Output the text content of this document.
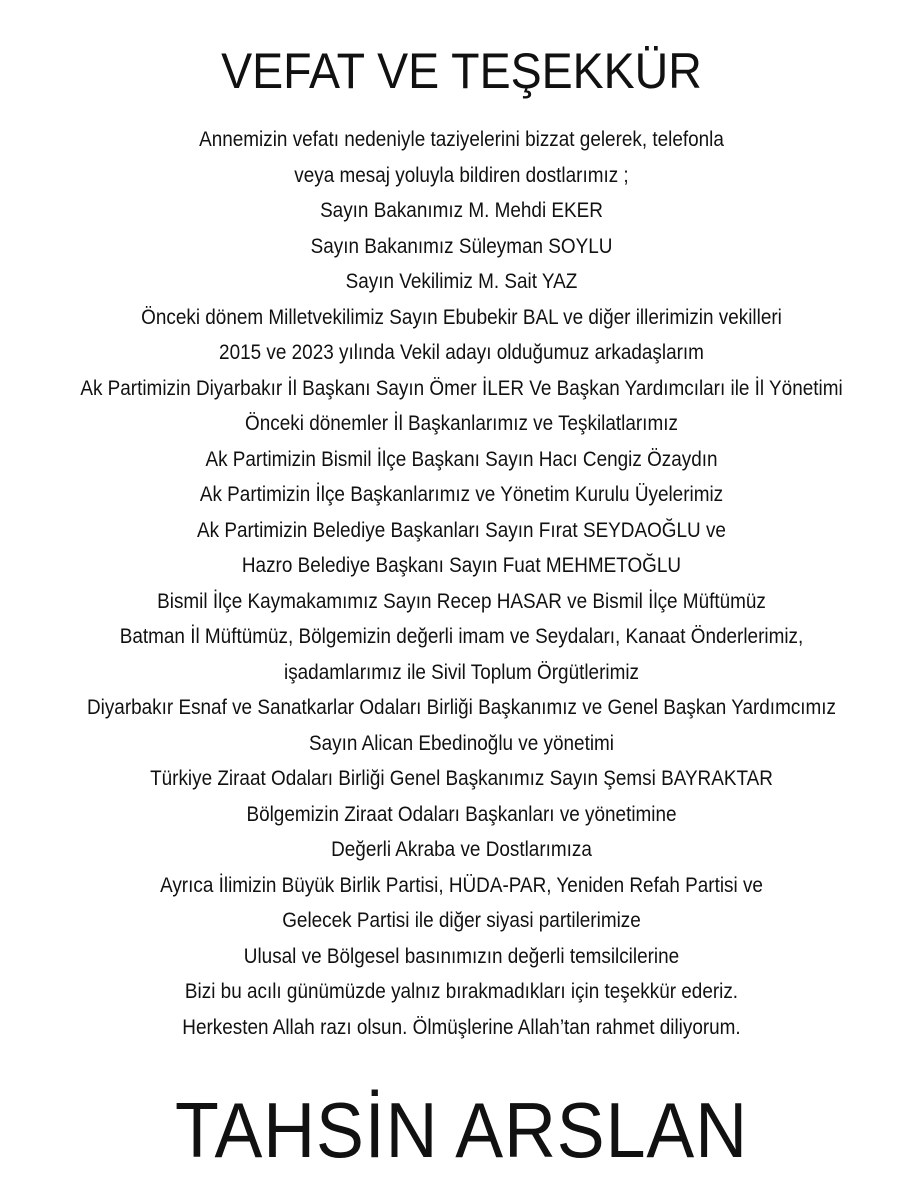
VEFAT VE TEŞEKKÜR
Annemizin vefatı nedeniyle taziyelerini bizzat gelerek, telefonla
veya mesaj yoluyla bildiren dostlarımız ;
Sayın Bakanımız M. Mehdi EKER
Sayın Bakanımız Süleyman SOYLU
Sayın Vekilimiz M. Sait YAZ
Önceki dönem Milletvekilimiz Sayın Ebubekir BAL ve diğer illerimizin vekilleri
2015 ve 2023 yılında Vekil adayı olduğumuz arkadaşlarım
Ak Partimizin Diyarbakır İl Başkanı Sayın Ömer İLER Ve Başkan Yardımcıları ile İl Yönetimi
Önceki dönemler İl Başkanlarımız ve Teşkilatlarımız
Ak Partimizin Bismil İlçe Başkanı Sayın Hacı Cengiz Özaydın
Ak Partimizin İlçe Başkanlarımız ve Yönetim Kurulu Üyelerimiz
Ak Partimizin Belediye Başkanları Sayın Fırat SEYDAOĞLU ve
Hazro Belediye Başkanı Sayın Fuat MEHMETOĞLU
Bismil İlçe Kaymakamımız Sayın Recep HASAR ve Bismil İlçe Müftümüz
Batman İl Müftümüz, Bölgemizin değerli imam ve Seydaları, Kanaat Önderlerimiz,
işadamlarımız ile Sivil Toplum Örgütlerimiz
Diyarbakır Esnaf ve Sanatkarlar Odaları Birliği Başkanımız ve Genel Başkan Yardımcımız
Sayın Alican Ebedinoğlu ve yönetimi
Türkiye Ziraat Odaları Birliği Genel Başkanımız Sayın Şemsi BAYRAKTAR
Bölgemizin Ziraat Odaları Başkanları ve yönetimine
Değerli Akraba ve Dostlarımıza
Ayrıca İlimizin Büyük Birlik Partisi, HÜDA-PAR, Yeniden Refah Partisi ve
Gelecek Partisi ile diğer siyasi partilerimize
Ulusal ve Bölgesel basınımızın değerli temsilcilerine
Bizi bu acılı günümüzde yalnız bırakmadıkları için teşekkür ederiz.
Herkesten Allah razı olsun. Ölmüşlerine Allah’tan rahmet diliyorum.
TAHSİN ARSLAN
